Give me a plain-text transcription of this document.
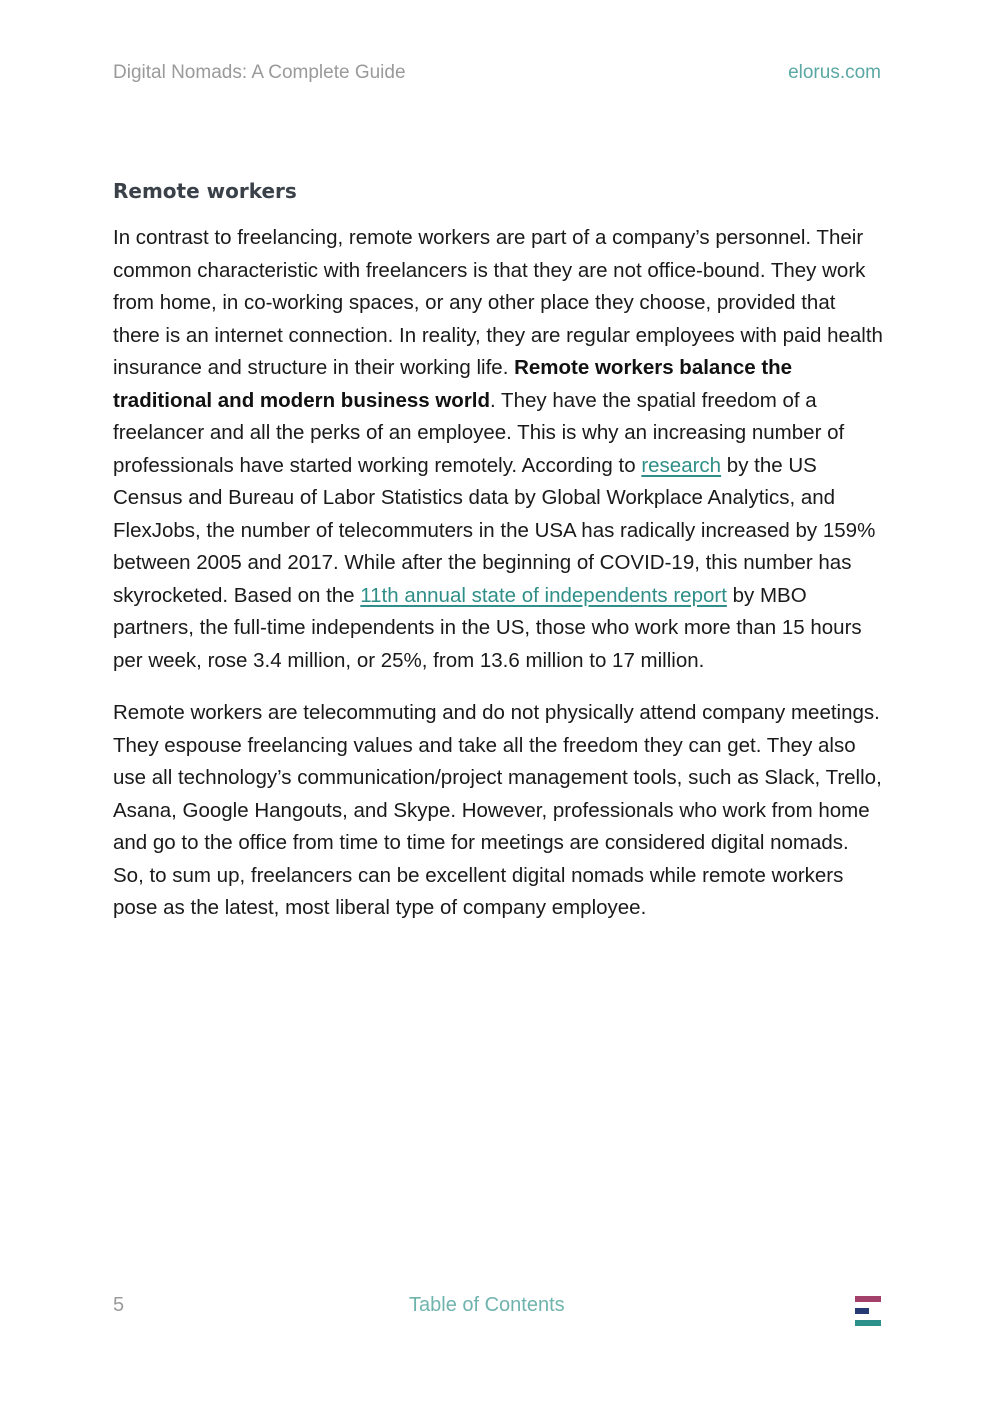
Digital Nomads: A Complete Guide	elorus.com
Remote workers

In contrast to freelancing, remote workers are part of a company’s personnel. Their common characteristic with freelancers is that they are not office-bound. They work from home, in co-working spaces, or any other place they choose, provided that there is an internet connection. In reality, they are regular employees with paid health insurance and structure in their working life. Remote workers balance the traditional and modern business world. They have the spatial freedom of a freelancer and all the perks of an employee. This is why an increasing number of professionals have started working remotely. According to research by the US Census and Bureau of Labor Statistics data by Global Workplace Analytics, and FlexJobs, the number of telecommuters in the USA has radically increased by 159% between 2005 and 2017. While after the beginning of COVID-19, this number has skyrocketed. Based on the 11th annual state of independents report by MBO partners, the full-time independents in the US, those who work more than 15 hours per week, rose 3.4 million, or 25%, from 13.6 million to 17 million.

Remote workers are telecommuting and do not physically attend company meetings. They espouse freelancing values and take all the freedom they can get. They also use all technology’s communication/project management tools, such as Slack, Trello, Asana, Google Hangouts, and Skype. However, professionals who work from home and go to the office from time to time for meetings are considered digital nomads. So, to sum up, freelancers can be excellent digital nomads while remote workers pose as the latest, most liberal type of company employee.

5	Table of Contents
